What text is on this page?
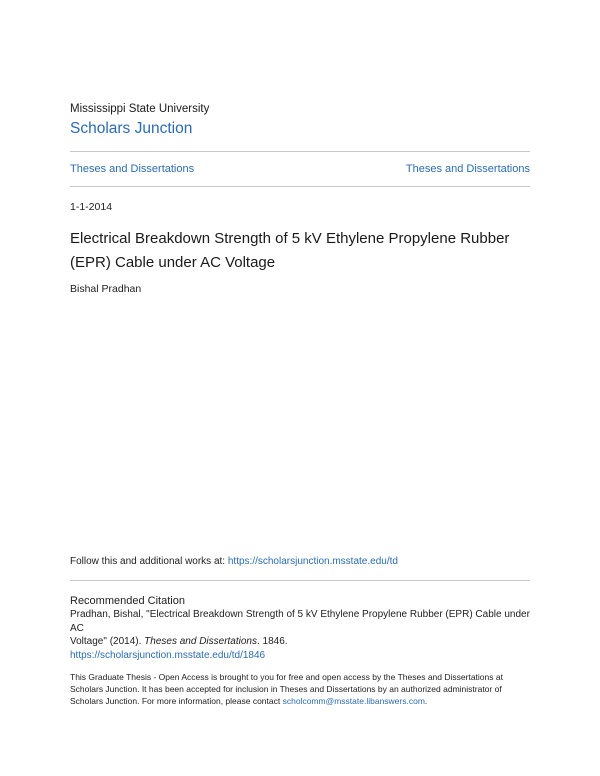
Mississippi State University
Scholars Junction
Theses and Dissertations	Theses and Dissertations
1-1-2014
Electrical Breakdown Strength of 5 kV Ethylene Propylene Rubber
(EPR) Cable under AC Voltage
Bishal Pradhan
Follow this and additional works at: https://scholarsjunction.msstate.edu/td
Recommended Citation
Pradhan, Bishal, "Electrical Breakdown Strength of 5 kV Ethylene Propylene Rubber (EPR) Cable under AC
Voltage" (2014). Theses and Dissertations. 1846.
https://scholarsjunction.msstate.edu/td/1846
This Graduate Thesis - Open Access is brought to you for free and open access by the Theses and Dissertations at
Scholars Junction. It has been accepted for inclusion in Theses and Dissertations by an authorized administrator of
Scholars Junction. For more information, please contact scholcomm@msstate.libanswers.com.
